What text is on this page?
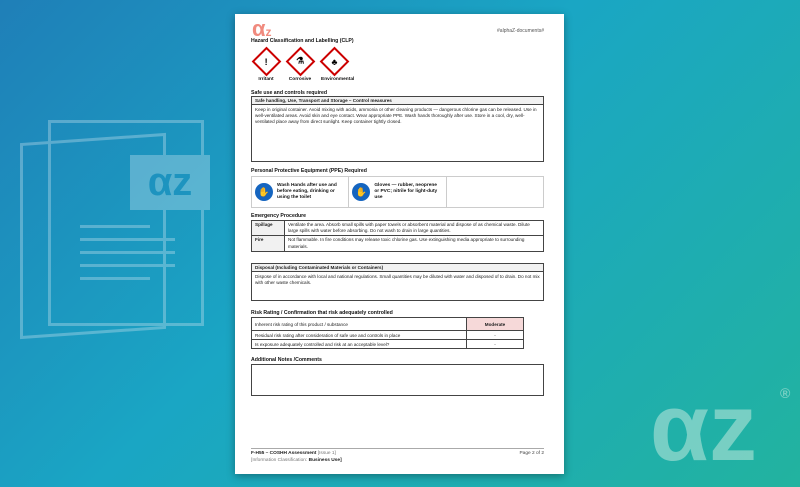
αz
αz ®
αz	#alphaZ-documents#
Hazard Classification and Labelling (CLP)
!
Irritant
⚗
Corrosive
♣
Environmental
Safe use and controls required
Safe handling, Use, Transport and Storage – Control measures
Keep in original container. Avoid mixing with acids, ammonia or other cleaning products — dangerous chlorine gas can be released. Use in well-ventilated areas. Avoid skin and eye contact. Wear appropriate PPE. Wash hands thoroughly after use. Store in a cool, dry, well-ventilated place away from direct sunlight. Keep container tightly closed.
Personal Protective Equipment (PPE) Required
✋
Wash Hands after use and before eating, drinking or using the toilet
✋
Gloves — rubber, neoprene or PVC; nitrile for light-duty use
Emergency Procedure
Spillage	Ventilate the area. Absorb small spills with paper towels or absorbent material and dispose of as chemical waste. Dilute large spills with water before absorbing. Do not wash to drain in large quantities.
Fire	Not flammable. In fire conditions may release toxic chlorine gas. Use extinguishing media appropriate to surrounding materials.
Disposal (Including Contaminated Materials or Containers)
Dispose of in accordance with local and national regulations. Small quantities may be diluted with water and disposed of to drain. Do not mix with other waste chemicals.
Risk Rating / Confirmation that risk adequately controlled
Inherent risk rating of this product / substance	Moderate
Residual risk rating after consideration of safe use and controls in place	-
Is exposure adequately controlled and risk at an acceptable level?	-
Additional Notes /Comments
F-H55 – COSHH Assessment [Issue 1]
[Information Classification: Business Use]
Page 2 of 2
